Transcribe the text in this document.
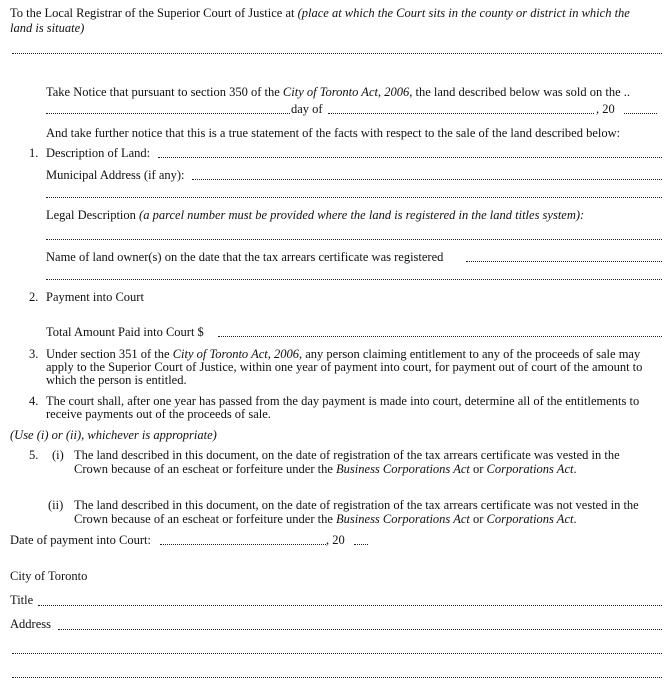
To the Local Registrar of the Superior Court of Justice at (place at which the Court sits in the county or district in which the
land is situate)
Take Notice that pursuant to section 350 of the City of Toronto Act, 2006, the land described below was sold on the ..
day of	, 20
And take further notice that this is a true statement of the facts with respect to the sale of the land described below:
1. Description of Land:
Municipal Address (if any):
Legal Description (a parcel number must be provided where the land is registered in the land titles system):
Name of land owner(s) on the date that the tax arrears certificate was registered
2. Payment into Court
Total Amount Paid into Court $
3. Under section 351 of the City of Toronto Act, 2006, any person claiming entitlement to any of the proceeds of sale may
apply to the Superior Court of Justice, within one year of payment into court, for payment out of court of the amount to
which the person is entitled.
4. The court shall, after one year has passed from the day payment is made into court, determine all of the entitlements to
receive payments out of the proceeds of sale.
(Use (i) or (ii), whichever is appropriate)
5. (i) The land described in this document, on the date of registration of the tax arrears certificate was vested in the
Crown because of an escheat or forfeiture under the Business Corporations Act or Corporations Act.
(ii) The land described in this document, on the date of registration of the tax arrears certificate was not vested in the
Crown because of an escheat or forfeiture under the Business Corporations Act or Corporations Act.
Date of payment into Court:	, 20
City of Toronto
Title
Address
